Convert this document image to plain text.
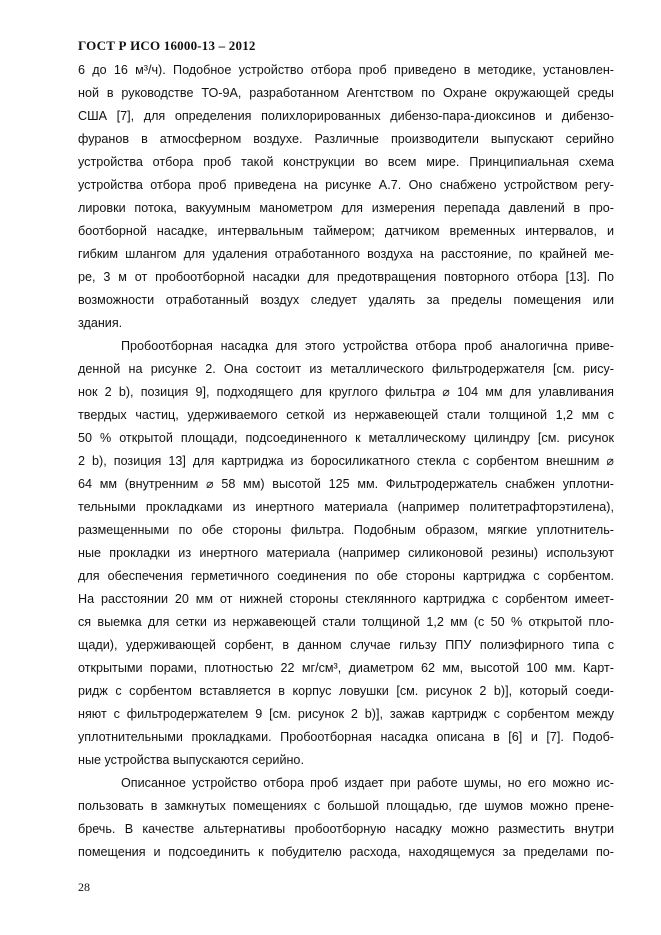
ГОСТ Р ИСО 16000-13 – 2012
6 до 16 м³/ч). Подобное устройство отбора проб приведено в методике, установлен-
ной в руководстве ТО-9А, разработанном Агентством по Охране окружающей среды
США [7], для определения полихлорированных дибензо-пара-диоксинов и дибензо-
фуранов в атмосферном воздухе. Различные производители выпускают серийно
устройства отбора проб такой конструкции во всем мире. Принципиальная схема
устройства отбора проб приведена на рисунке А.7. Оно снабжено устройством регу-
лировки потока, вакуумным манометром для измерения перепада давлений в про-
боотборной насадке, интервальным таймером; датчиком временных интервалов, и
гибким шлангом для удаления отработанного воздуха на расстояние, по крайней ме-
ре, 3 м от пробоотборной насадки для предотвращения повторного отбора [13]. По
возможности отработанный воздух следует удалять за пределы помещения или
здания.
Пробоотборная насадка для этого устройства отбора проб аналогична приве-
денной на рисунке 2. Она состоит из металлического фильтродержателя [см. рису-
нок 2 b), позиция 9], подходящего для круглого фильтра ⌀ 104 мм для улавливания
твердых частиц, удерживаемого сеткой из нержавеющей стали толщиной 1,2 мм с
50 % открытой площади, подсоединенного к металлическому цилиндру [см. рисунок
2 b), позиция 13] для картриджа из боросиликатного стекла с сорбентом внешним ⌀
64 мм (внутренним ⌀ 58 мм) высотой 125 мм. Фильтродержатель снабжен уплотни-
тельными прокладками из инертного материала (например политетрафторэтилена),
размещенными по обе стороны фильтра. Подобным образом, мягкие уплотнитель-
ные прокладки из инертного материала (например силиконовой резины) используют
для обеспечения герметичного соединения по обе стороны картриджа с сорбентом.
На расстоянии 20 мм от нижней стороны стеклянного картриджа с сорбентом имеет-
ся выемка для сетки из нержавеющей стали толщиной 1,2 мм (с 50 % открытой пло-
щади), удерживающей сорбент, в данном случае гильзу ППУ полиэфирного типа с
открытыми порами, плотностью 22 мг/см³, диаметром 62 мм, высотой 100 мм. Карт-
ридж с сорбентом вставляется в корпус ловушки [см. рисунок 2 b)], который соеди-
няют с фильтродержателем 9 [см. рисунок 2 b)], зажав картридж с сорбентом между
уплотнительными прокладками. Пробоотборная насадка описана в [6] и [7]. Подоб-
ные устройства выпускаются серийно.
Описанное устройство отбора проб издает при работе шумы, но его можно ис-
пользовать в замкнутых помещениях с большой площадью, где шумов можно прене-
бречь. В качестве альтернативы пробоотборную насадку можно разместить внутри
помещения и подсоединить к побудителю расхода, находящемуся за пределами по-
28
